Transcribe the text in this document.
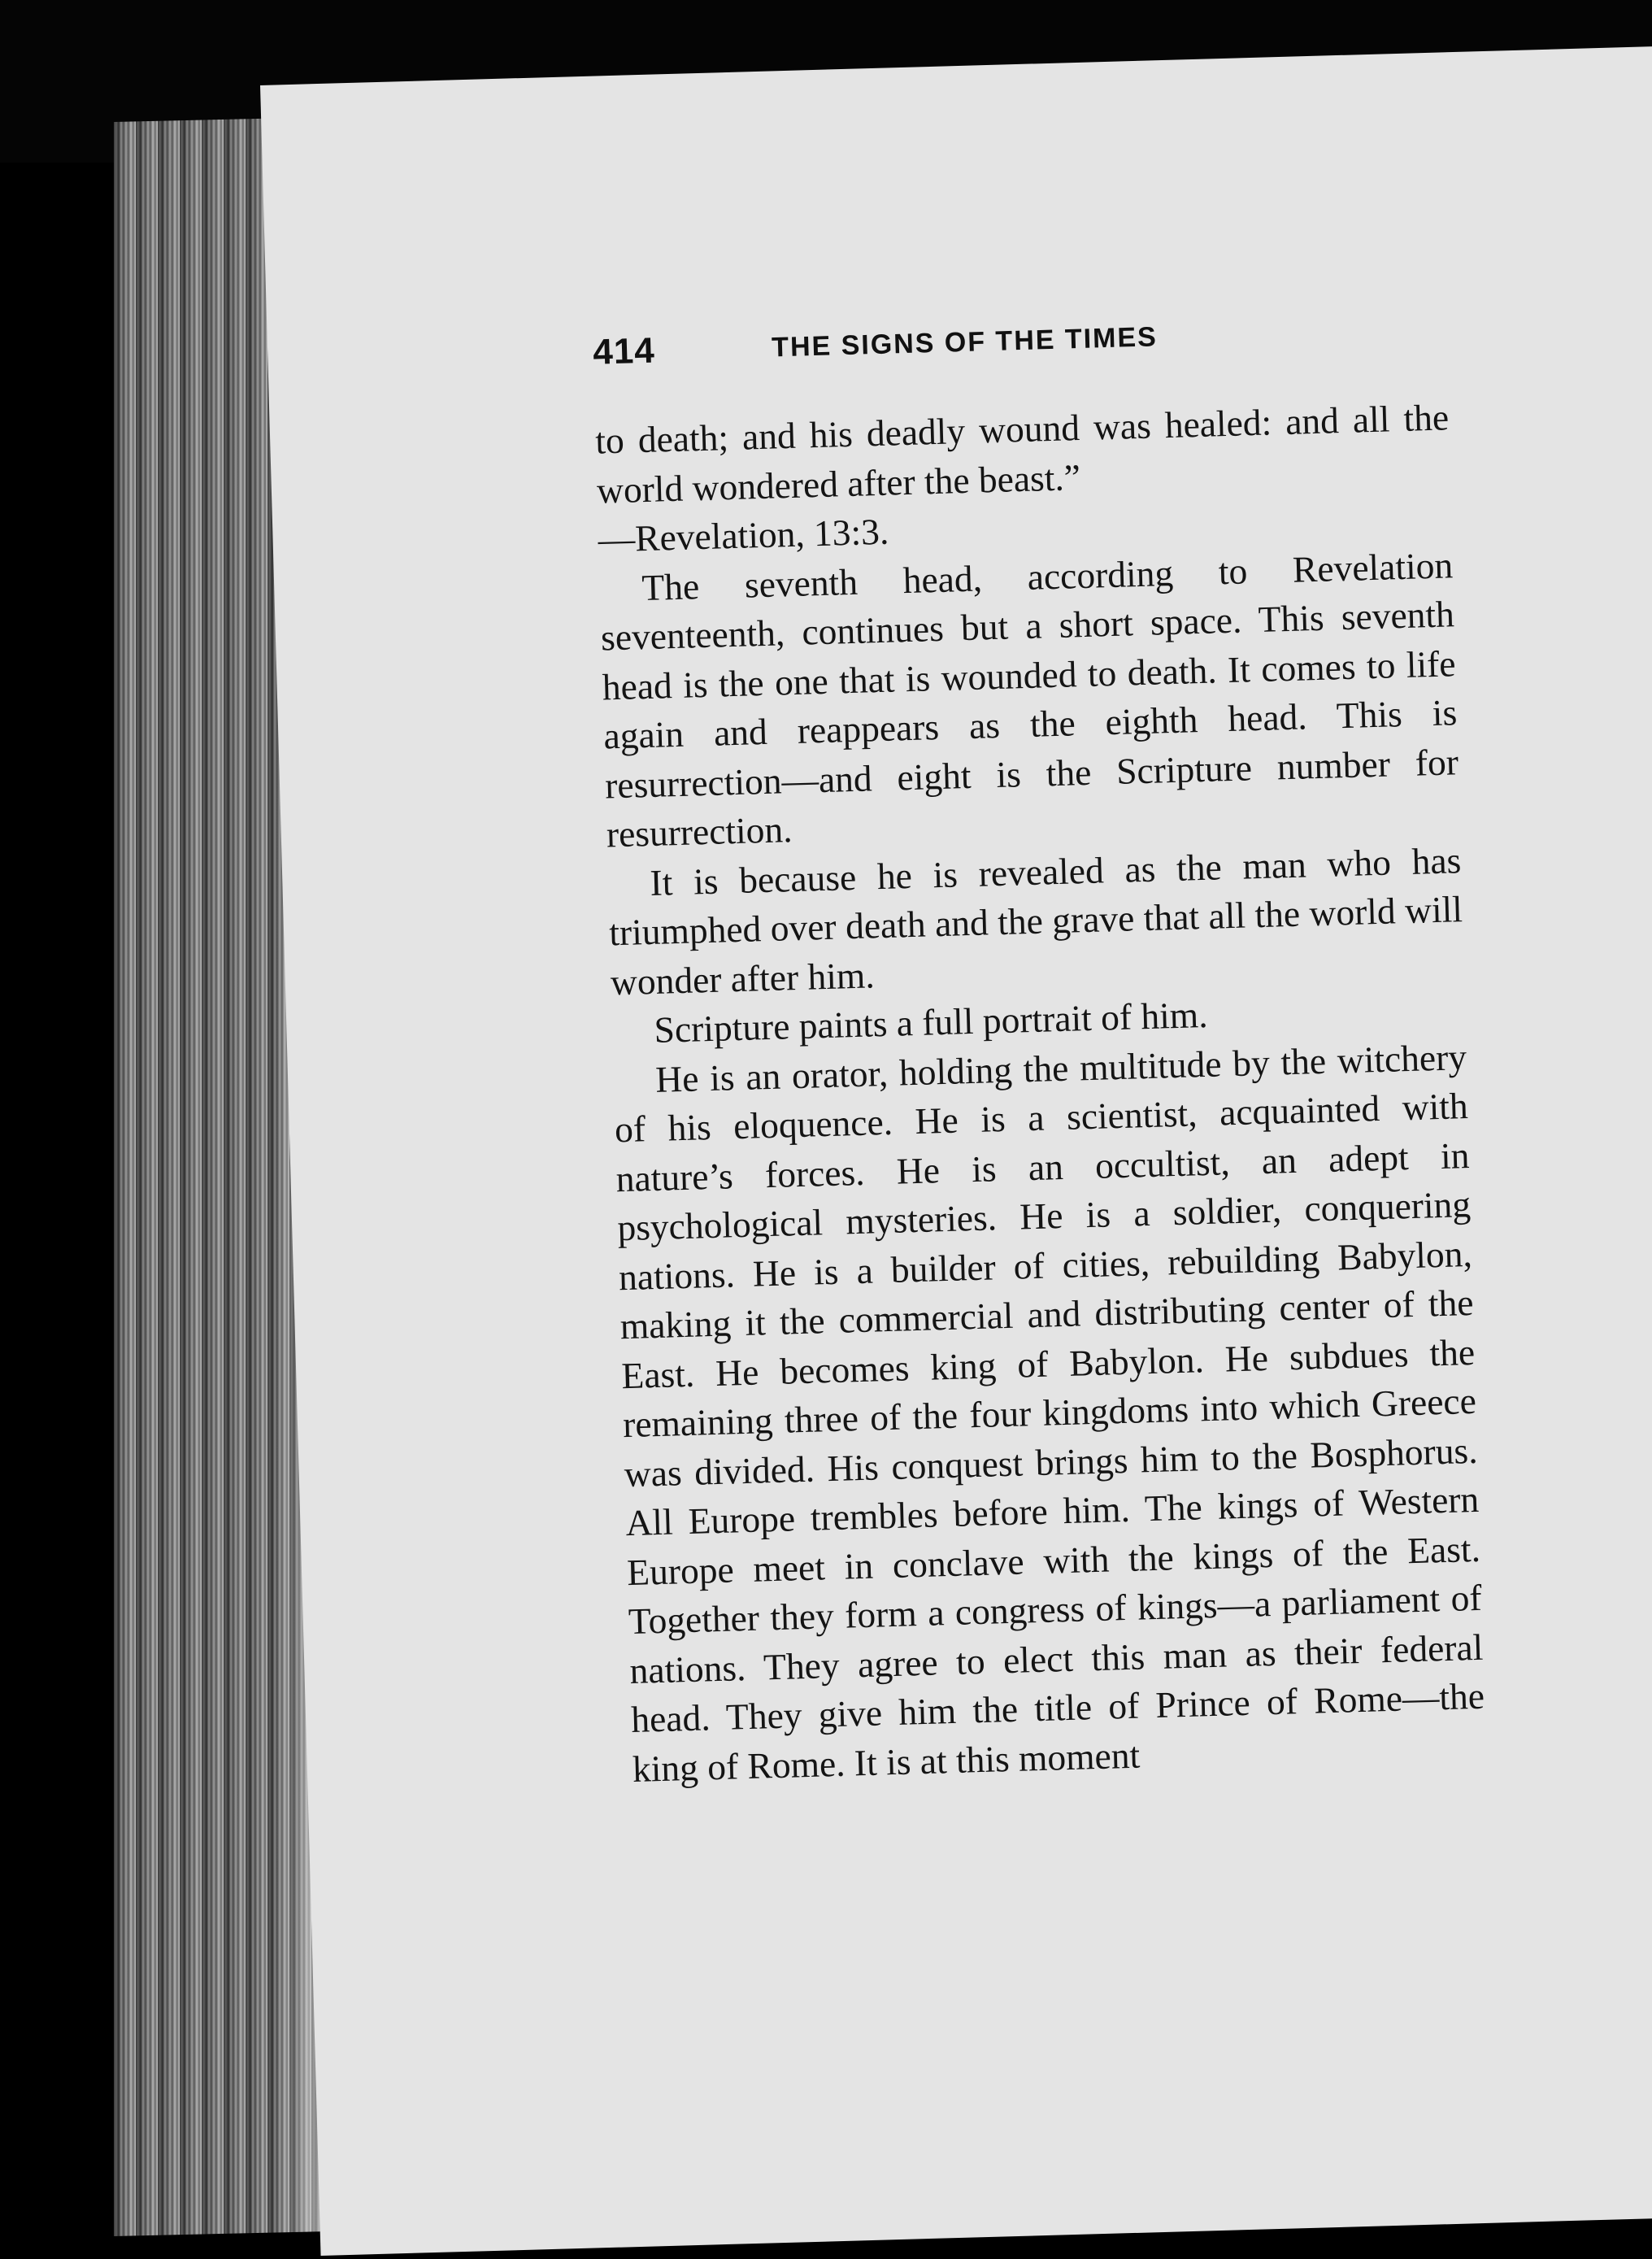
414	THE SIGNS OF THE TIMES

to death; and his deadly wound was healed: and all the world wondered after the beast.”

—Revelation, 13:3.

The seventh head, according to Revelation seventeenth, continues but a short space. This seventh head is the one that is wounded to death. It comes to life again and reappears as the eighth head. This is resurrection—and eight is the Scripture number for resurrection.

It is because he is revealed as the man who has triumphed over death and the grave that all the world will wonder after him.

Scripture paints a full portrait of him.

He is an orator, holding the multitude by the witchery of his eloquence. He is a scientist, acquainted with nature’s forces. He is an occultist, an adept in psychological mysteries. He is a soldier, conquering nations. He is a builder of cities, rebuilding Babylon, making it the commercial and distributing center of the East. He becomes king of Babylon. He subdues the remaining three of the four kingdoms into which Greece was divided. His conquest brings him to the Bosphorus. All Europe trembles before him. The kings of Western Europe meet in conclave with the kings of the East. Together they form a congress of kings—a parliament of nations. They agree to elect this man as their federal head. They give him the title of Prince of Rome—the king of Rome. It is at this moment
